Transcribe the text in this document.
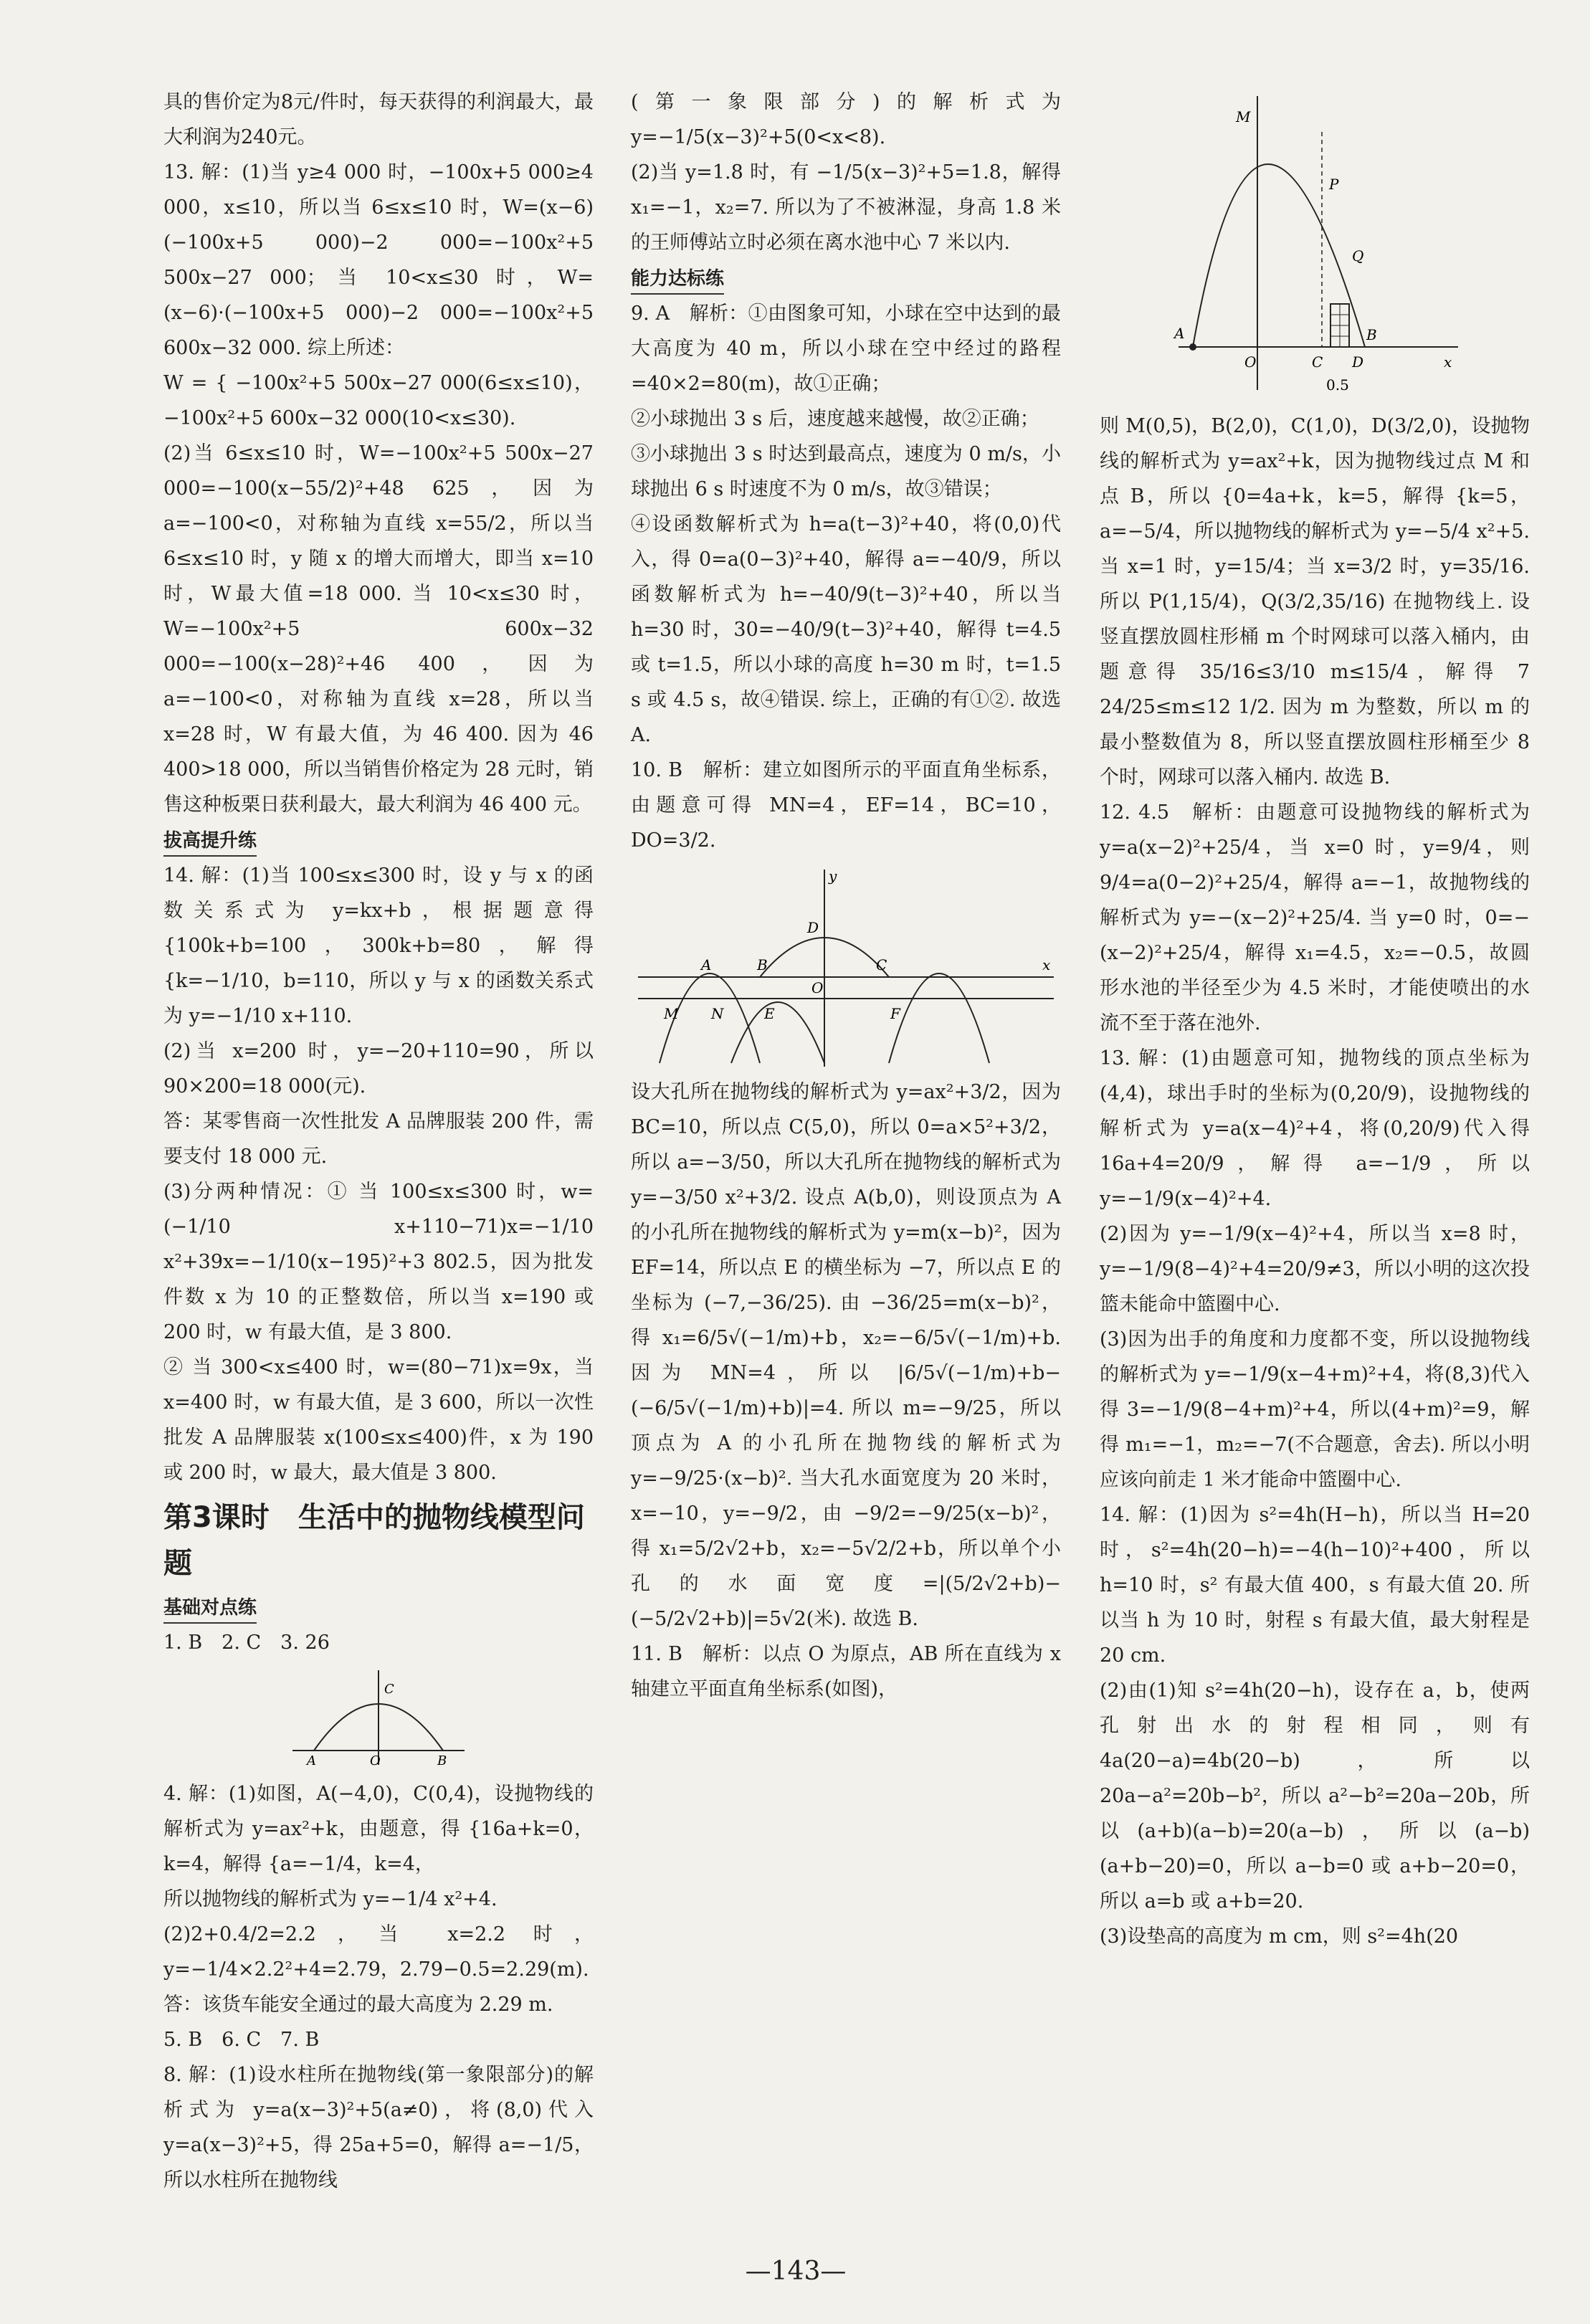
具的售价定为8元/件时，每天获得的利润最大，最大利润为240元。

13. 解：(1)当 y≥4 000 时，−100x+5 000≥4 000，x≤10，所以当 6≤x≤10 时，W=(x−6)(−100x+5 000)−2 000=−100x²+5 500x−27 000；当 10<x≤30 时，W=(x−6)·(−100x+5 000)−2 000=−100x²+5 600x−32 000. 综上所述：

W = { −100x²+5 500x−27 000(6≤x≤10)，−100x²+5 600x−32 000(10<x≤30).

(2)当 6≤x≤10 时，W=−100x²+5 500x−27 000=−100(x−55/2)²+48 625，因为 a=−100<0，对称轴为直线 x=55/2，所以当 6≤x≤10 时，y 随 x 的增大而增大，即当 x=10 时，W最大值=18 000. 当 10<x≤30 时，W=−100x²+5 600x−32 000=−100(x−28)²+46 400，因为 a=−100<0，对称轴为直线 x=28，所以当 x=28 时，W 有最大值，为 46 400. 因为 46 400>18 000，所以当销售价格定为 28 元时，销售这种板栗日获利最大，最大利润为 46 400 元。

拔高提升练

14. 解：(1)当 100≤x≤300 时，设 y 与 x 的函数关系式为 y=kx+b，根据题意得 {100k+b=100，300k+b=80，解得 {k=−1/10，b=110，所以 y 与 x 的函数关系式为 y=−1/10 x+110.

(2)当 x=200 时，y=−20+110=90，所以 90×200=18 000(元).

答：某零售商一次性批发 A 品牌服装 200 件，需要支付 18 000 元.

(3)分两种情况：① 当 100≤x≤300 时，w=(−1/10 x+110−71)x=−1/10 x²+39x=−1/10(x−195)²+3 802.5，因为批发件数 x 为 10 的正整数倍，所以当 x=190 或 200 时，w 有最大值，是 3 800.

② 当 300<x≤400 时，w=(80−71)x=9x，当 x=400 时，w 有最大值，是 3 600，所以一次性批发 A 品牌服装 x(100≤x≤400)件，x 为 190 或 200 时，w 最大，最大值是 3 800.

第3课时　生活中的抛物线模型问题
基础对点练

1. B　2. C　3. 26

A
C
O	B

4. 解：(1)如图，A(−4,0)，C(0,4)，设抛物线的解析式为 y=ax²+k，由题意，得 {16a+k=0，k=4，解得 {a=−1/4，k=4，

所以抛物线的解析式为 y=−1/4 x²+4.

(2)2+0.4/2=2.2，当 x=2.2 时，y=−1/4×2.2²+4=2.79，2.79−0.5=2.29(m).

答：该货车能安全通过的最大高度为 2.29 m.

5. B　6. C　7. B

8. 解：(1)设水柱所在抛物线(第一象限部分)的解析式为 y=a(x−3)²+5(a≠0)，将(8,0)代入 y=a(x−3)²+5，得 25a+5=0，解得 a=−1/5，所以水柱所在抛物线

(第一象限部分)的解析式为 y=−1/5(x−3)²+5(0<x<8).

(2)当 y=1.8 时，有 −1/5(x−3)²+5=1.8，解得 x₁=−1，x₂=7. 所以为了不被淋湿，身高 1.8 米的王师傅站立时必须在离水池中心 7 米以内.

能力达标练

9. A　解析：①由图象可知，小球在空中达到的最大高度为 40 m，所以小球在空中经过的路程=40×2=80(m)，故①正确；

②小球抛出 3 s 后，速度越来越慢，故②正确；

③小球抛出 3 s 时达到最高点，速度为 0 m/s，小球抛出 6 s 时速度不为 0 m/s，故③错误；

④设函数解析式为 h=a(t−3)²+40，将(0,0)代入，得 0=a(0−3)²+40，解得 a=−40/9，所以函数解析式为 h=−40/9(t−3)²+40，所以当 h=30 时，30=−40/9(t−3)²+40，解得 t=4.5 或 t=1.5，所以小球的高度 h=30 m 时，t=1.5 s 或 4.5 s，故④错误. 综上，正确的有①②. 故选 A.

10. B　解析：建立如图所示的平面直角坐标系，由题意可得 MN=4，EF=14，BC=10，DO=3/2.

y
x
A	B
D
C
O
M N	E	F

设大孔所在抛物线的解析式为 y=ax²+3/2，因为 BC=10，所以点 C(5,0)，所以 0=a×5²+3/2，所以 a=−3/50，所以大孔所在抛物线的解析式为 y=−3/50 x²+3/2. 设点 A(b,0)，则设顶点为 A 的小孔所在抛物线的解析式为 y=m(x−b)²，因为 EF=14，所以点 E 的横坐标为 −7，所以点 E 的坐标为 (−7,−36/25). 由 −36/25=m(x−b)²，得 x₁=6/5√(−1/m)+b，x₂=−6/5√(−1/m)+b. 因为 MN=4，所以 |6/5√(−1/m)+b−(−6/5√(−1/m)+b)|=4. 所以 m=−9/25，所以顶点为 A 的小孔所在抛物线的解析式为 y=−9/25·(x−b)². 当大孔水面宽度为 20 米时，x=−10，y=−9/2，由 −9/2=−9/25(x−b)²，得 x₁=5/2√2+b，x₂=−5√2/2+b，所以单个小孔的水面宽度=|(5/2√2+b)−(−5/2√2+b)|=5√2(米). 故选 B.

11. B　解析：以点 O 为原点，AB 所在直线为 x 轴建立平面直角坐标系(如图)，

A
M
P
Q
B
O	C D	x
0.5

则 M(0,5)，B(2,0)，C(1,0)，D(3/2,0)，设抛物线的解析式为 y=ax²+k，因为抛物线过点 M 和点 B，所以 {0=4a+k，k=5，解得 {k=5，a=−5/4，所以抛物线的解析式为 y=−5/4 x²+5. 当 x=1 时，y=15/4；当 x=3/2 时，y=35/16. 所以 P(1,15/4)，Q(3/2,35/16) 在抛物线上. 设竖直摆放圆柱形桶 m 个时网球可以落入桶内，由题意得 35/16≤3/10 m≤15/4，解得 7 24/25≤m≤12 1/2. 因为 m 为整数，所以 m 的最小整数值为 8，所以竖直摆放圆柱形桶至少 8 个时，网球可以落入桶内. 故选 B.

12. 4.5　解析：由题意可设抛物线的解析式为 y=a(x−2)²+25/4，当 x=0 时，y=9/4，则 9/4=a(0−2)²+25/4，解得 a=−1，故抛物线的解析式为 y=−(x−2)²+25/4. 当 y=0 时，0=−(x−2)²+25/4，解得 x₁=4.5，x₂=−0.5，故圆形水池的半径至少为 4.5 米时，才能使喷出的水流不至于落在池外.

13. 解：(1)由题意可知，抛物线的顶点坐标为(4,4)，球出手时的坐标为(0,20/9)，设抛物线的解析式为 y=a(x−4)²+4，将(0,20/9)代入得 16a+4=20/9，解得 a=−1/9，所以 y=−1/9(x−4)²+4.

(2)因为 y=−1/9(x−4)²+4，所以当 x=8 时，y=−1/9(8−4)²+4=20/9≠3，所以小明的这次投篮未能命中篮圈中心.

(3)因为出手的角度和力度都不变，所以设抛物线的解析式为 y=−1/9(x−4+m)²+4，将(8,3)代入得 3=−1/9(8−4+m)²+4，所以(4+m)²=9，解得 m₁=−1，m₂=−7(不合题意，舍去). 所以小明应该向前走 1 米才能命中篮圈中心.

14. 解：(1)因为 s²=4h(H−h)，所以当 H=20 时，s²=4h(20−h)=−4(h−10)²+400，所以 h=10 时，s² 有最大值 400，s 有最大值 20. 所以当 h 为 10 时，射程 s 有最大值，最大射程是 20 cm.

(2)由(1)知 s²=4h(20−h)，设存在 a，b，使两孔射出水的射程相同，则有 4a(20−a)=4b(20−b)，所以 20a−a²=20b−b²，所以 a²−b²=20a−20b，所以(a+b)(a−b)=20(a−b)，所以(a−b)(a+b−20)=0，所以 a−b=0 或 a+b−20=0，所以 a=b 或 a+b=20.

(3)设垫高的高度为 m cm，则 s²=4h(20

—143—
